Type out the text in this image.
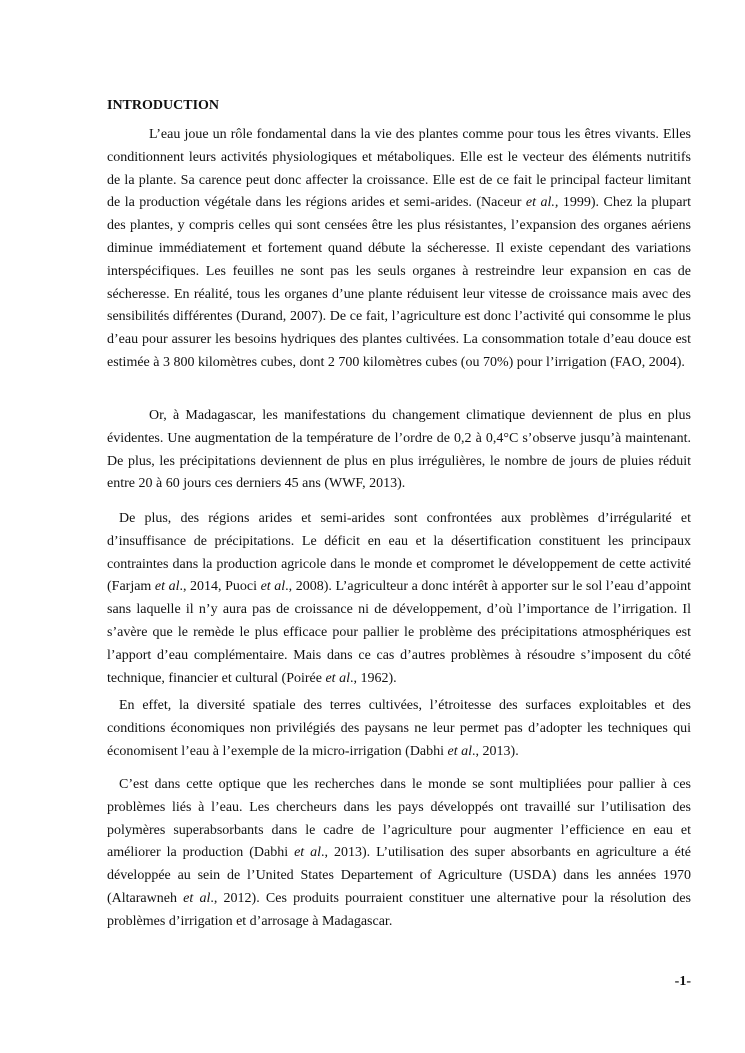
INTRODUCTION

L’eau joue un rôle fondamental dans la vie des plantes comme pour tous les êtres vivants. Elles conditionnent leurs activités physiologiques et métaboliques. Elle est le vecteur des éléments nutritifs de la plante. Sa carence peut donc affecter la croissance. Elle est de ce fait le principal facteur limitant de la production végétale dans les régions arides et semi-arides. (Naceur et al., 1999). Chez la plupart des plantes, y compris celles qui sont censées être les plus résistantes, l’expansion des organes aériens diminue immédiatement et fortement quand débute la sécheresse. Il existe cependant des variations interspécifiques. Les feuilles ne sont pas les seuls organes à restreindre leur expansion en cas de sécheresse. En réalité, tous les organes d’une plante réduisent leur vitesse de croissance mais avec des sensibilités différentes (Durand, 2007). De ce fait, l’agriculture est donc l’activité qui consomme le plus d’eau pour assurer les besoins hydriques des plantes cultivées. La consommation totale d’eau douce est estimée à 3 800 kilomètres cubes, dont 2 700 kilomètres cubes (ou 70%) pour l’irrigation (FAO, 2004).

Or, à Madagascar, les manifestations du changement climatique deviennent de plus en plus évidentes. Une augmentation de la température de l’ordre de 0,2 à 0,4°C s’observe jusqu’à maintenant. De plus, les précipitations deviennent de plus en plus irrégulières, le nombre de jours de pluies réduit entre 20 à 60 jours ces derniers 45 ans (WWF, 2013).

De plus, des régions arides et semi-arides sont confrontées aux problèmes d’irrégularité et d’insuffisance de précipitations. Le déficit en eau et la désertification constituent les principaux contraintes dans la production agricole dans le monde et compromet le développement de cette activité (Farjam et al., 2014, Puoci et al., 2008). L’agriculteur a donc intérêt à apporter sur le sol l’eau d’appoint sans laquelle il n’y aura pas de croissance ni de développement, d’où l’importance de l’irrigation. Il s’avère que le remède le plus efficace pour pallier le problème des précipitations atmosphériques est l’apport d’eau complémentaire. Mais dans ce cas d’autres problèmes à résoudre s’imposent du côté technique, financier et cultural (Poirée et al., 1962).

En effet, la diversité spatiale des terres cultivées, l’étroitesse des surfaces exploitables et des conditions économiques non privilégiés des paysans ne leur permet pas d’adopter les techniques qui économisent l’eau à l’exemple de la micro-irrigation (Dabhi et al., 2013).

C’est dans cette optique que les recherches dans le monde se sont multipliées pour pallier à ces problèmes liés à l’eau. Les chercheurs dans les pays développés ont travaillé sur l’utilisation des polymères superabsorbants dans le cadre de l’agriculture pour augmenter l’efficience en eau et améliorer la production (Dabhi et al., 2013). L’utilisation des super absorbants en agriculture a été développée au sein de l’United States Departement of Agriculture (USDA) dans les années 1970 (Altarawneh et al., 2012). Ces produits pourraient constituer une alternative pour la résolution des problèmes d’irrigation et d’arrosage à Madagascar.

-1-
